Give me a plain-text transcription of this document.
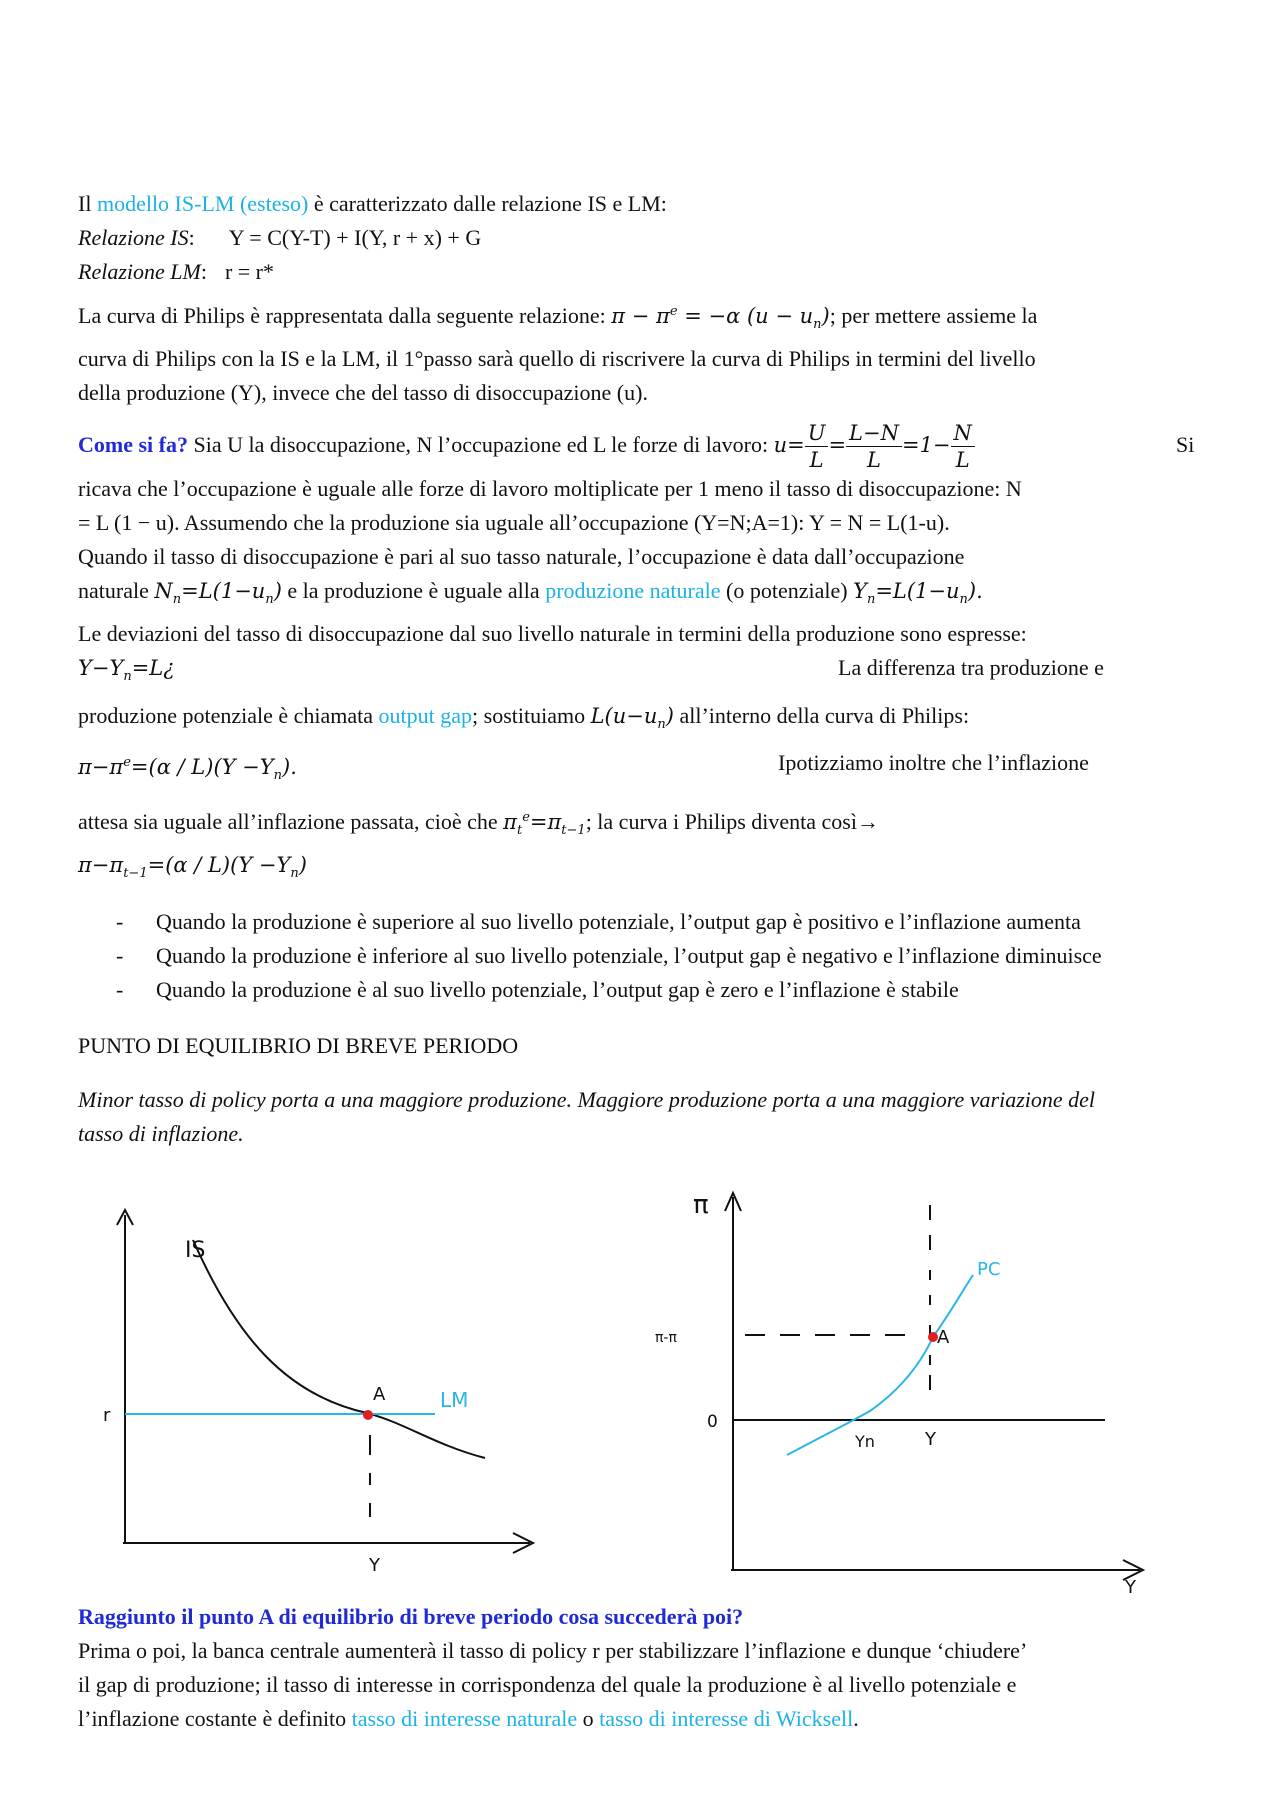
Il modello IS-LM (esteso) è caratterizzato dalle relazione IS e LM:
Relazione IS: Y = C(Y-T) + I(Y, r + x) + G
Relazione LM: r = r*
La curva di Philips è rappresentata dalla seguente relazione: $\pi - \pi^e = -\alpha$ $(u - u_n)$; per mettere assieme la
curva di Philips con la IS e la LM, il 1°passo sarà quello di riscrivere la curva di Philips in termini del livello
della produzione (Y), invece che del tasso di disoccupazione (u).
Come si fa? Sia U la disoccupazione, N l’occupazione ed L le forze di lavoro: $u= \frac{U}{L} = \frac{L-N}{L} =1- \frac{N}{L}$	Si
ricava che l’occupazione è uguale alle forze di lavoro moltiplicate per 1 meno il tasso di disoccupazione: N
= L (1 − u). Assumendo che la produzione sia uguale all’occupazione (Y=N;A=1): Y = N = L(1-u).
Quando il tasso di disoccupazione è pari al suo tasso naturale, l’occupazione è data dall’occupazione
naturale $N_n=L(1-u_n)$ e la produzione è uguale alla produzione naturale (o potenziale) $Y_n=L(1-u_n)$.
Le deviazioni del tasso di disoccupazione dal suo livello naturale in termini della produzione sono espresse:
$Y-Y_n=L¿$	La differenza tra produzione e
produzione potenziale è chiamata output gap; sostituiamo $L(u-u_n)$ all’interno della curva di Philips:
$\pi-\pi^e=(\alpha / L)(Y -Y_n)$.	Ipotizziamo inoltre che l’inflazione
attesa sia uguale all’inflazione passata, cioè che $\pi_t^e=\pi_{t-1}$; la curva i Philips diventa così→
$\pi-\pi_{t-1}=(\alpha / L)(Y -Y_n)$
- Quando la produzione è superiore al suo livello potenziale, l’output gap è positivo e l’inflazione aumenta
- Quando la produzione è inferiore al suo livello potenziale, l’output gap è negativo e l’inflazione diminuisce
- Quando la produzione è al suo livello potenziale, l’output gap è zero e l’inflazione è stabile
PUNTO DI EQUILIBRIO DI BREVE PERIODO
Minor tasso di policy porta a una maggiore produzione. Maggiore produzione porta a una maggiore variazione del tasso di inflazione.
IS
LM
r
A
Y
π
PC
π-π
0
A
Yn	Y
Y
Raggiunto il punto A di equilibrio di breve periodo cosa succederà poi?
Prima o poi, la banca centrale aumenterà il tasso di policy r per stabilizzare l’inflazione e dunque ‘chiudere’
il gap di produzione; il tasso di interesse in corrispondenza del quale la produzione è al livello potenziale e
l’inflazione costante è definito tasso di interesse naturale o tasso di interesse di Wicksell.
